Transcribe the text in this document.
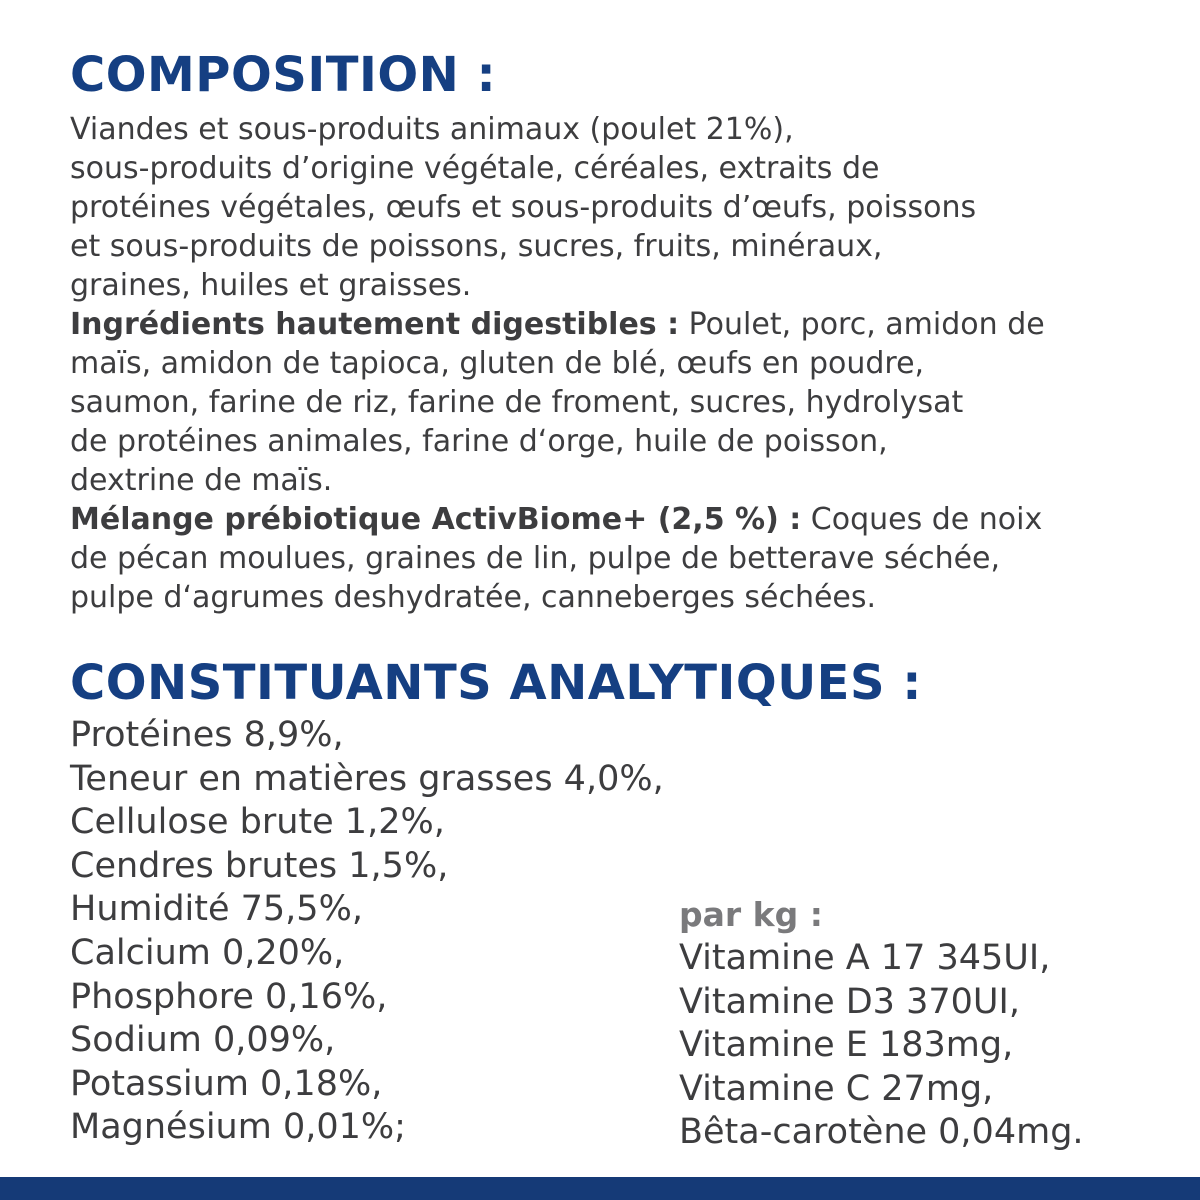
COMPOSITION :
Viandes et sous-produits animaux (poulet 21%),
sous-produits d’origine végétale, céréales, extraits de
protéines végétales, œufs et sous-produits d’œufs, poissons
et sous-produits de poissons, sucres, fruits, minéraux,
graines, huiles et graisses.
Ingrédients hautement digestibles : Poulet, porc, amidon de
maïs, amidon de tapioca, gluten de blé, œufs en poudre,
saumon, farine de riz, farine de froment, sucres, hydrolysat
de protéines animales, farine d‘orge, huile de poisson,
dextrine de maïs.
Mélange prébiotique ActivBiome+ (2,5 %) : Coques de noix
de pécan moulues, graines de lin, pulpe de betterave séchée,
pulpe d‘agrumes deshydratée, canneberges séchées.
CONSTITUANTS ANALYTIQUES :
Protéines 8,9%,
Teneur en matières grasses 4,0%,
Cellulose brute 1,2%,
Cendres brutes 1,5%,
Humidité 75,5%,
Calcium 0,20%,
Phosphore 0,16%,
Sodium 0,09%,
Potassium 0,18%,
Magnésium 0,01%;
par kg :
Vitamine A 17 345UI,
Vitamine D3 370UI,
Vitamine E 183mg,
Vitamine C 27mg,
Bêta-carotène 0,04mg.
